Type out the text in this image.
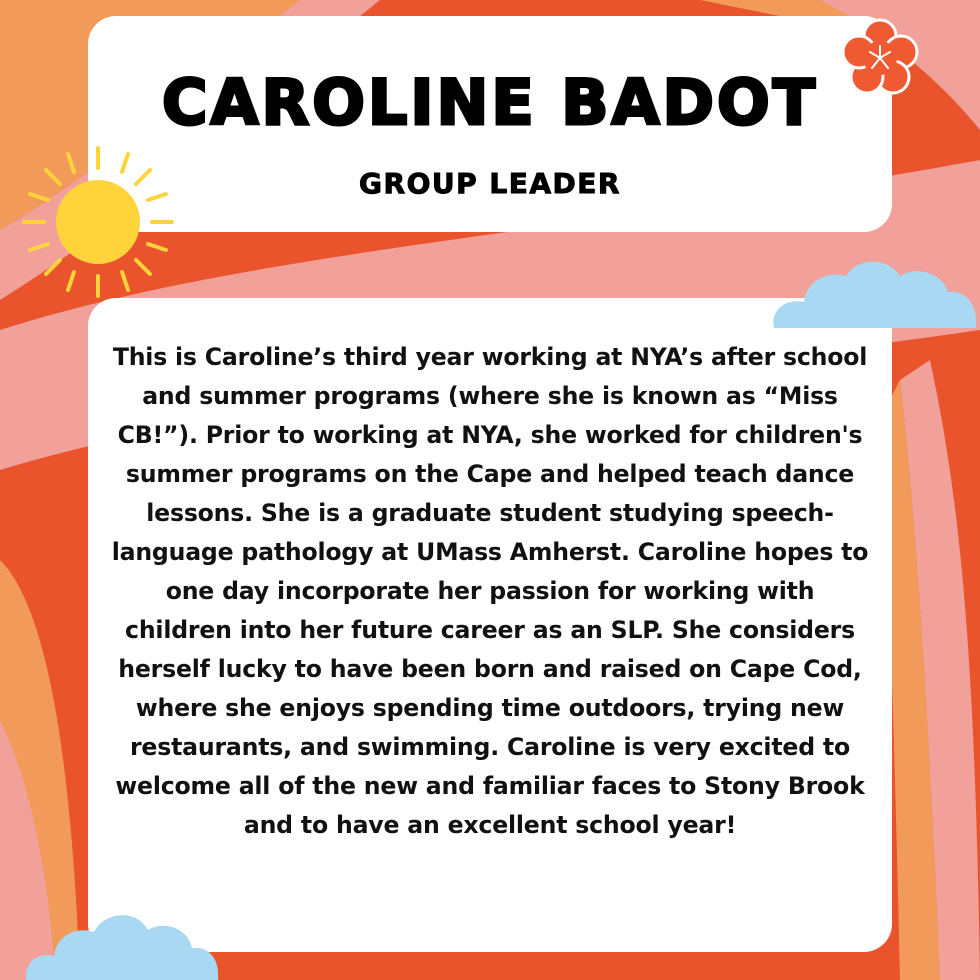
CAROLINE BADOT
GROUP LEADER
This is Caroline’s third year working at NYA’s after school and summer programs (where she is known as “Miss CB!”). Prior to working at NYA, she worked for children's summer programs on the Cape and helped teach dance lessons. She is a graduate student studying speech-language pathology at UMass Amherst. Caroline hopes to one day incorporate her passion for working with children into her future career as an SLP. She considers herself lucky to have been born and raised on Cape Cod, where she enjoys spending time outdoors, trying new restaurants, and swimming. Caroline is very excited to welcome all of the new and familiar faces to Stony Brook and to have an excellent school year!
